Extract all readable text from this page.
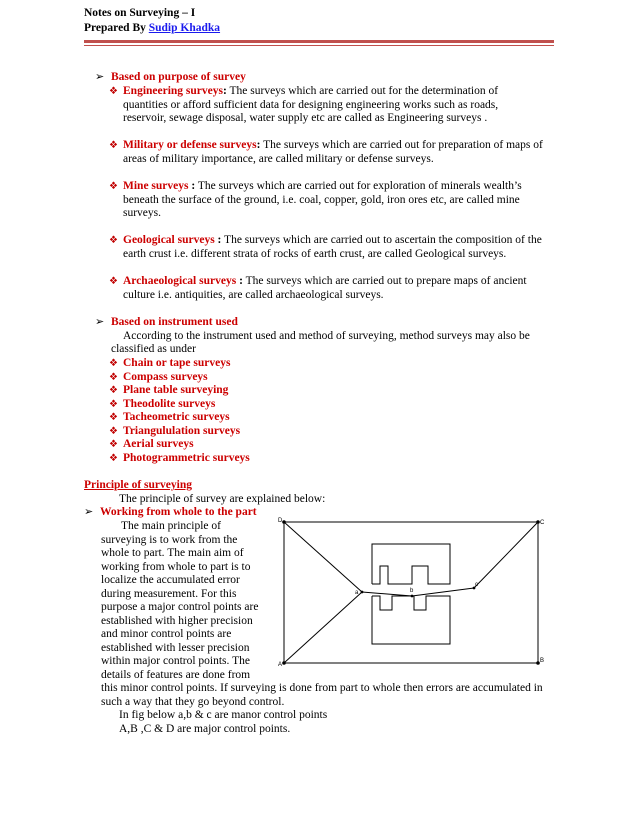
Notes on Surveying – I
Prepared By Sudip Khadka
➢ Based on purpose of survey
❖ Engineering surveys: The surveys which are carried out for the determination of
quantities or afford sufficient data for designing engineering works such as roads,
reservoir, sewage disposal, water supply etc are called as Engineering surveys .
❖ Military or defense surveys: The surveys which are carried out for preparation of maps of
areas of military importance, are called military or defense surveys.
❖ Mine surveys : The surveys which are carried out for exploration of minerals wealth’s
beneath the surface of the ground, i.e. coal, copper, gold, iron ores etc, are called mine
surveys.
❖ Geological surveys : The surveys which are carried out to ascertain the composition of the
earth crust i.e. different strata of rocks of earth crust, are called Geological surveys.
❖ Archaeological surveys : The surveys which are carried out to prepare maps of ancient
culture i.e. antiquities, are called archaeological surveys.
➢ Based on instrument used
According to the instrument used and method of surveying, method surveys may also be
classified as under
❖ Chain or tape surveys
❖ Compass surveys
❖ Plane table surveying
❖ Theodolite surveys
❖ Tacheometric surveys
❖ Triangululation surveys
❖ Aerial surveys
❖ Photogrammetric surveys
Principle of surveying
The principle of survey are explained below:
➢ Working from whole to the part
The main principle of
surveying is to work from the
whole to part. The main aim of
working from whole to part is to
localize the accumulated error
during measurement. For this
purpose a major control points are
established with higher precision
and minor control points are
established with lesser precision
within major control points. The
details of features are done from
this minor control points. If surveying is done from part to whole then errors are accumulated in
such a way that they go beyond control.
In fig below a,b & c are manor control points
A,B ,C & D are major control points.
D	C
B
A
a	b
c
